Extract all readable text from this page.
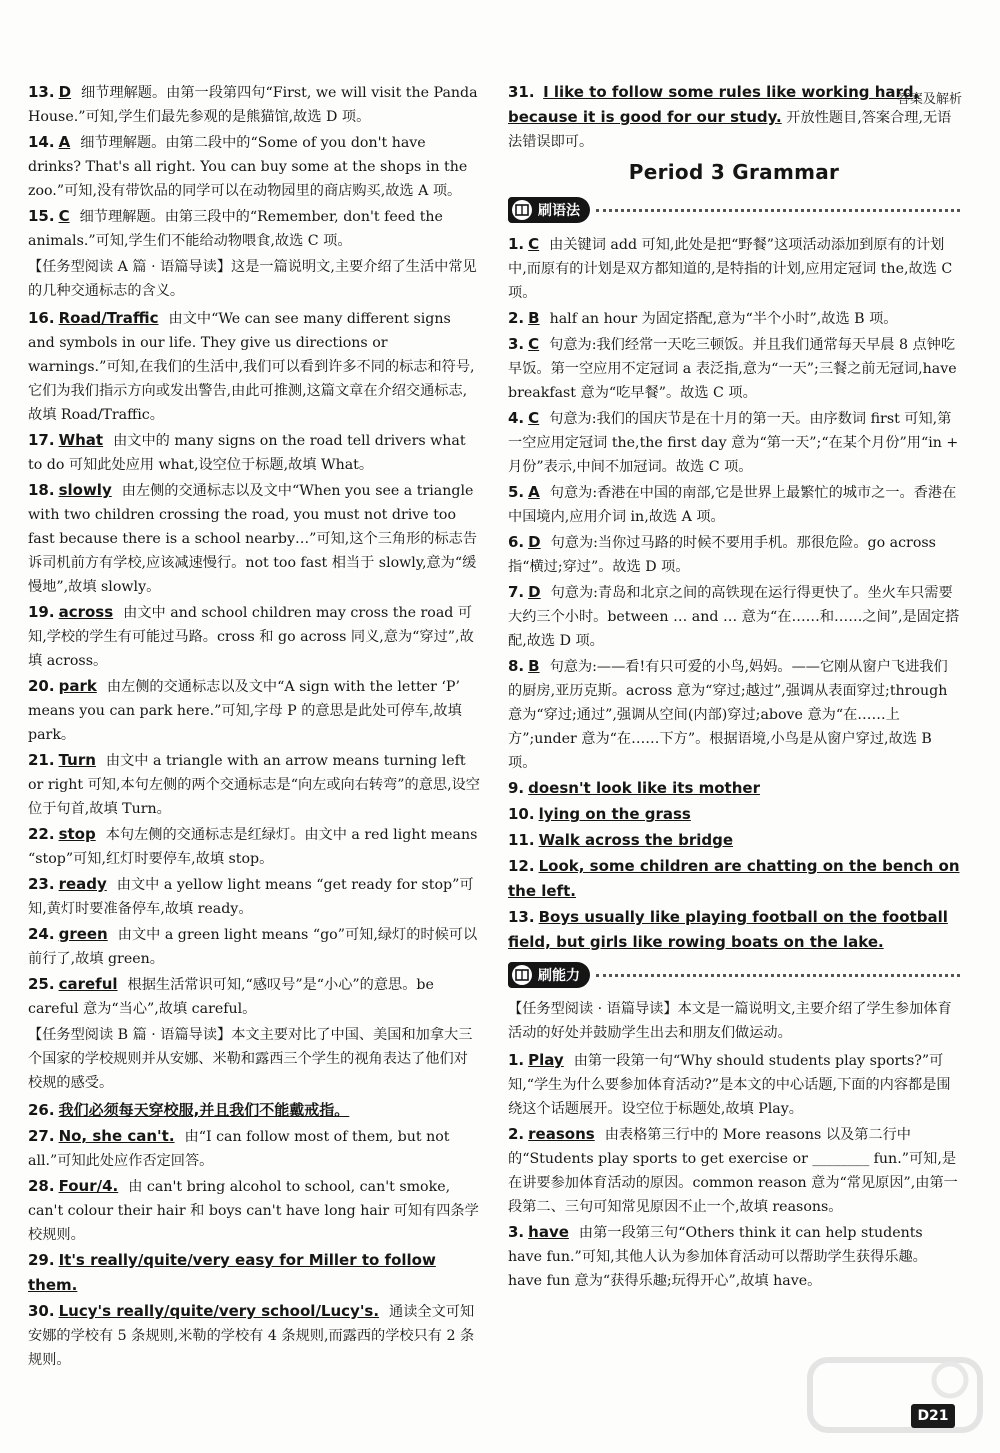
答案及解析
13. D 细节理解题。由第一段第四句“First, we will visit the Panda House.”可知,学生们最先参观的是熊猫馆,故选 D 项。
14. A 细节理解题。由第二段中的“Some of you don't have drinks? That's all right. You can buy some at the shops in the zoo.”可知,没有带饮品的同学可以在动物园里的商店购买,故选 A 项。
15. C 细节理解题。由第三段中的“Remember, don't feed the animals.”可知,学生们不能给动物喂食,故选 C 项。
【任务型阅读 A 篇 · 语篇导读】这是一篇说明文,主要介绍了生活中常见的几种交通标志的含义。
16. Road/Traffic 由文中“We can see many different signs and symbols in our life. They give us directions or warnings.”可知,在我们的生活中,我们可以看到许多不同的标志和符号,它们为我们指示方向或发出警告,由此可推测,这篇文章在介绍交通标志,故填 Road/Traffic。
17. What 由文中的 many signs on the road tell drivers what to do 可知此处应用 what,设空位于标题,故填 What。
18. slowly 由左侧的交通标志以及文中“When you see a triangle with two children crossing the road, you must not drive too fast because there is a school nearby…”可知,这个三角形的标志告诉司机前方有学校,应该减速慢行。not too fast 相当于 slowly,意为“缓慢地”,故填 slowly。
19. across 由文中 and school children may cross the road 可知,学校的学生有可能过马路。cross 和 go across 同义,意为“穿过”,故填 across。
20. park 由左侧的交通标志以及文中“A sign with the letter ‘P’ means you can park here.”可知,字母 P 的意思是此处可停车,故填 park。
21. Turn 由文中 a triangle with an arrow means turning left or right 可知,本句左侧的两个交通标志是“向左或向右转弯”的意思,设空位于句首,故填 Turn。
22. stop 本句左侧的交通标志是红绿灯。由文中 a red light means “stop”可知,红灯时要停车,故填 stop。
23. ready 由文中 a yellow light means “get ready for stop”可知,黄灯时要准备停车,故填 ready。
24. green 由文中 a green light means “go”可知,绿灯的时候可以前行了,故填 green。
25. careful 根据生活常识可知,“感叹号”是“小心”的意思。be careful 意为“当心”,故填 careful。
【任务型阅读 B 篇 · 语篇导读】本文主要对比了中国、美国和加拿大三个国家的学校规则并从安娜、米勒和露西三个学生的视角表达了他们对校规的感受。
26. 我们必须每天穿校服,并且我们不能戴戒指。
27. No, she can't. 由“I can follow most of them, but not all.”可知此处应作否定回答。
28. Four/4. 由 can't bring alcohol to school, can't smoke, can't colour their hair 和 boys can't have long hair 可知有四条学校规则。
29. It's really/quite/very easy for Miller to follow them.
30. Lucy's really/quite/very school/Lucy's. 通读全文可知安娜的学校有 5 条规则,米勒的学校有 4 条规则,而露西的学校只有 2 条规则。
31. I like to follow some rules like working hard, because it is good for our study. 开放性题目,答案合理,无语法错误即可。
Period 3 Grammar
刷语法
1. C 由关键词 add 可知,此处是把“野餐”这项活动添加到原有的计划中,而原有的计划是双方都知道的,是特指的计划,应用定冠词 the,故选 C 项。
2. B half an hour 为固定搭配,意为“半个小时”,故选 B 项。
3. C 句意为:我们经常一天吃三顿饭。并且我们通常每天早晨 8 点钟吃早饭。第一空应用不定冠词 a 表泛指,意为“一天”;三餐之前无冠词,have breakfast 意为“吃早餐”。故选 C 项。
4. C 句意为:我们的国庆节是在十月的第一天。由序数词 first 可知,第一空应用定冠词 the,the first day 意为“第一天”;“在某个月份”用“in + 月份”表示,中间不加冠词。故选 C 项。
5. A 句意为:香港在中国的南部,它是世界上最繁忙的城市之一。香港在中国境内,应用介词 in,故选 A 项。
6. D 句意为:当你过马路的时候不要用手机。那很危险。go across 指“横过;穿过”。故选 D 项。
7. D 句意为:青岛和北京之间的高铁现在运行得更快了。坐火车只需要大约三个小时。between … and … 意为“在……和……之间”,是固定搭配,故选 D 项。
8. B 句意为:——看!有只可爱的小鸟,妈妈。——它刚从窗户飞进我们的厨房,亚历克斯。across 意为“穿过;越过”,强调从表面穿过;through 意为“穿过;通过”,强调从空间(内部)穿过;above 意为“在……上方”;under 意为“在……下方”。根据语境,小鸟是从窗户穿过,故选 B 项。
9. doesn't look like its mother
10. lying on the grass
11. Walk across the bridge
12. Look, some children are chatting on the bench on the left.
13. Boys usually like playing football on the football field, but girls like rowing boats on the lake.
刷能力
【任务型阅读 · 语篇导读】本文是一篇说明文,主要介绍了学生参加体育活动的好处并鼓励学生出去和朋友们做运动。
1. Play 由第一段第一句“Why should students play sports?”可知,“学生为什么要参加体育活动?”是本文的中心话题,下面的内容都是围绕这个话题展开。设空位于标题处,故填 Play。
2. reasons 由表格第三行中的 More reasons 以及第二行中的“Students play sports to get exercise or ________ fun.”可知,是在讲要参加体育活动的原因。common reason 意为“常见原因”,由第一段第二、三句可知常见原因不止一个,故填 reasons。
3. have 由第一段第三句“Others think it can help students have fun.”可知,其他人认为参加体育活动可以帮助学生获得乐趣。have fun 意为“获得乐趣;玩得开心”,故填 have。
D21
